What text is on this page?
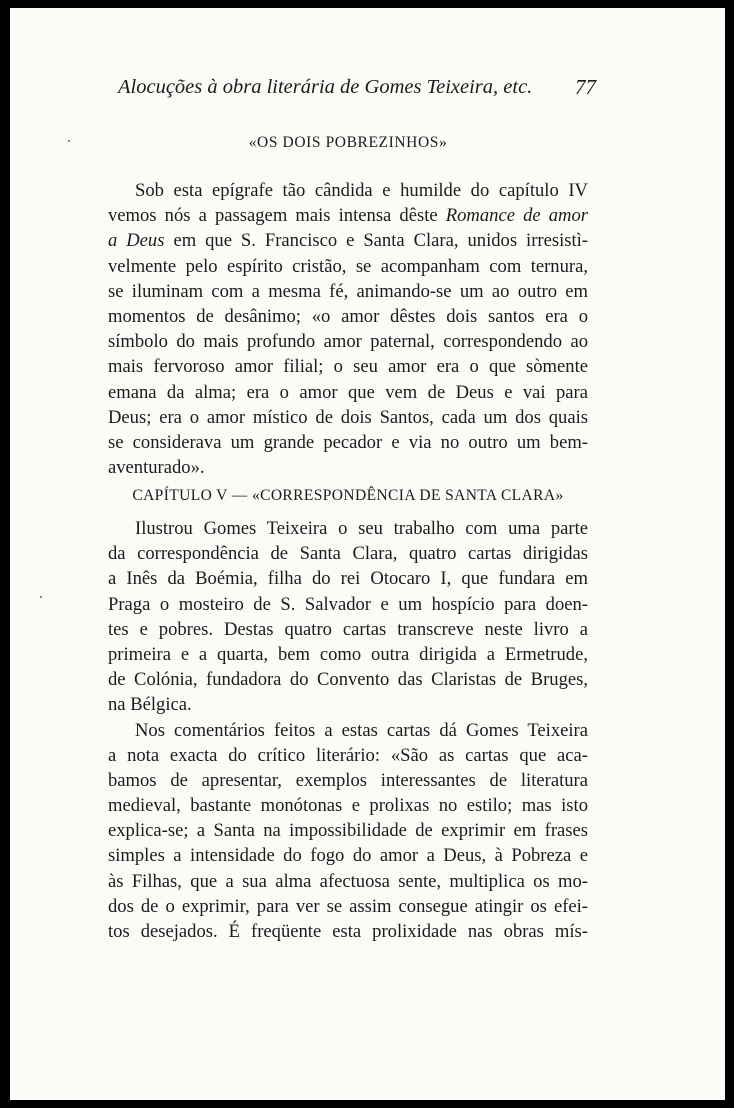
Alocuções à obra literária de Gomes Teixeira, etc. 77
«OS DOIS POBREZINHOS»
Sob esta epígrafe tão cândida e humilde do capítulo IV
vemos nós a passagem mais intensa dêste Romance de amor
a Deus em que S. Francisco e Santa Clara, unidos irresistì-
velmente pelo espírito cristão, se acompanham com ternura,
se iluminam com a mesma fé, animando-se um ao outro em
momentos de desânimo; «o amor dêstes dois santos era o
símbolo do mais profundo amor paternal, correspondendo ao
mais fervoroso amor filial; o seu amor era o que sòmente
emana da alma; era o amor que vem de Deus e vai para
Deus; era o amor místico de dois Santos, cada um dos quais
se considerava um grande pecador e via no outro um bem-
aventurado».
CAPÍTULO V — «CORRESPONDÊNCIA DE SANTA CLARA»
Ilustrou Gomes Teixeira o seu trabalho com uma parte
da correspondência de Santa Clara, quatro cartas dirigidas
a Inês da Boémia, filha do rei Otocaro I, que fundara em
Praga o mosteiro de S. Salvador e um hospício para doen-
tes e pobres. Destas quatro cartas transcreve neste livro a
primeira e a quarta, bem como outra dirigida a Ermetrude,
de Colónia, fundadora do Convento das Claristas de Bruges,
na Bélgica.
Nos comentários feitos a estas cartas dá Gomes Teixeira
a nota exacta do crítico literário: «São as cartas que aca-
bamos de apresentar, exemplos interessantes de literatura
medieval, bastante monótonas e prolixas no estilo; mas isto
explica-se; a Santa na impossibilidade de exprimir em frases
simples a intensidade do fogo do amor a Deus, à Pobreza e
às Filhas, que a sua alma afectuosa sente, multiplica os mo-
dos de o exprimir, para ver se assim consegue atingir os efei-
tos desejados. É freqüente esta prolixidade nas obras mís-
